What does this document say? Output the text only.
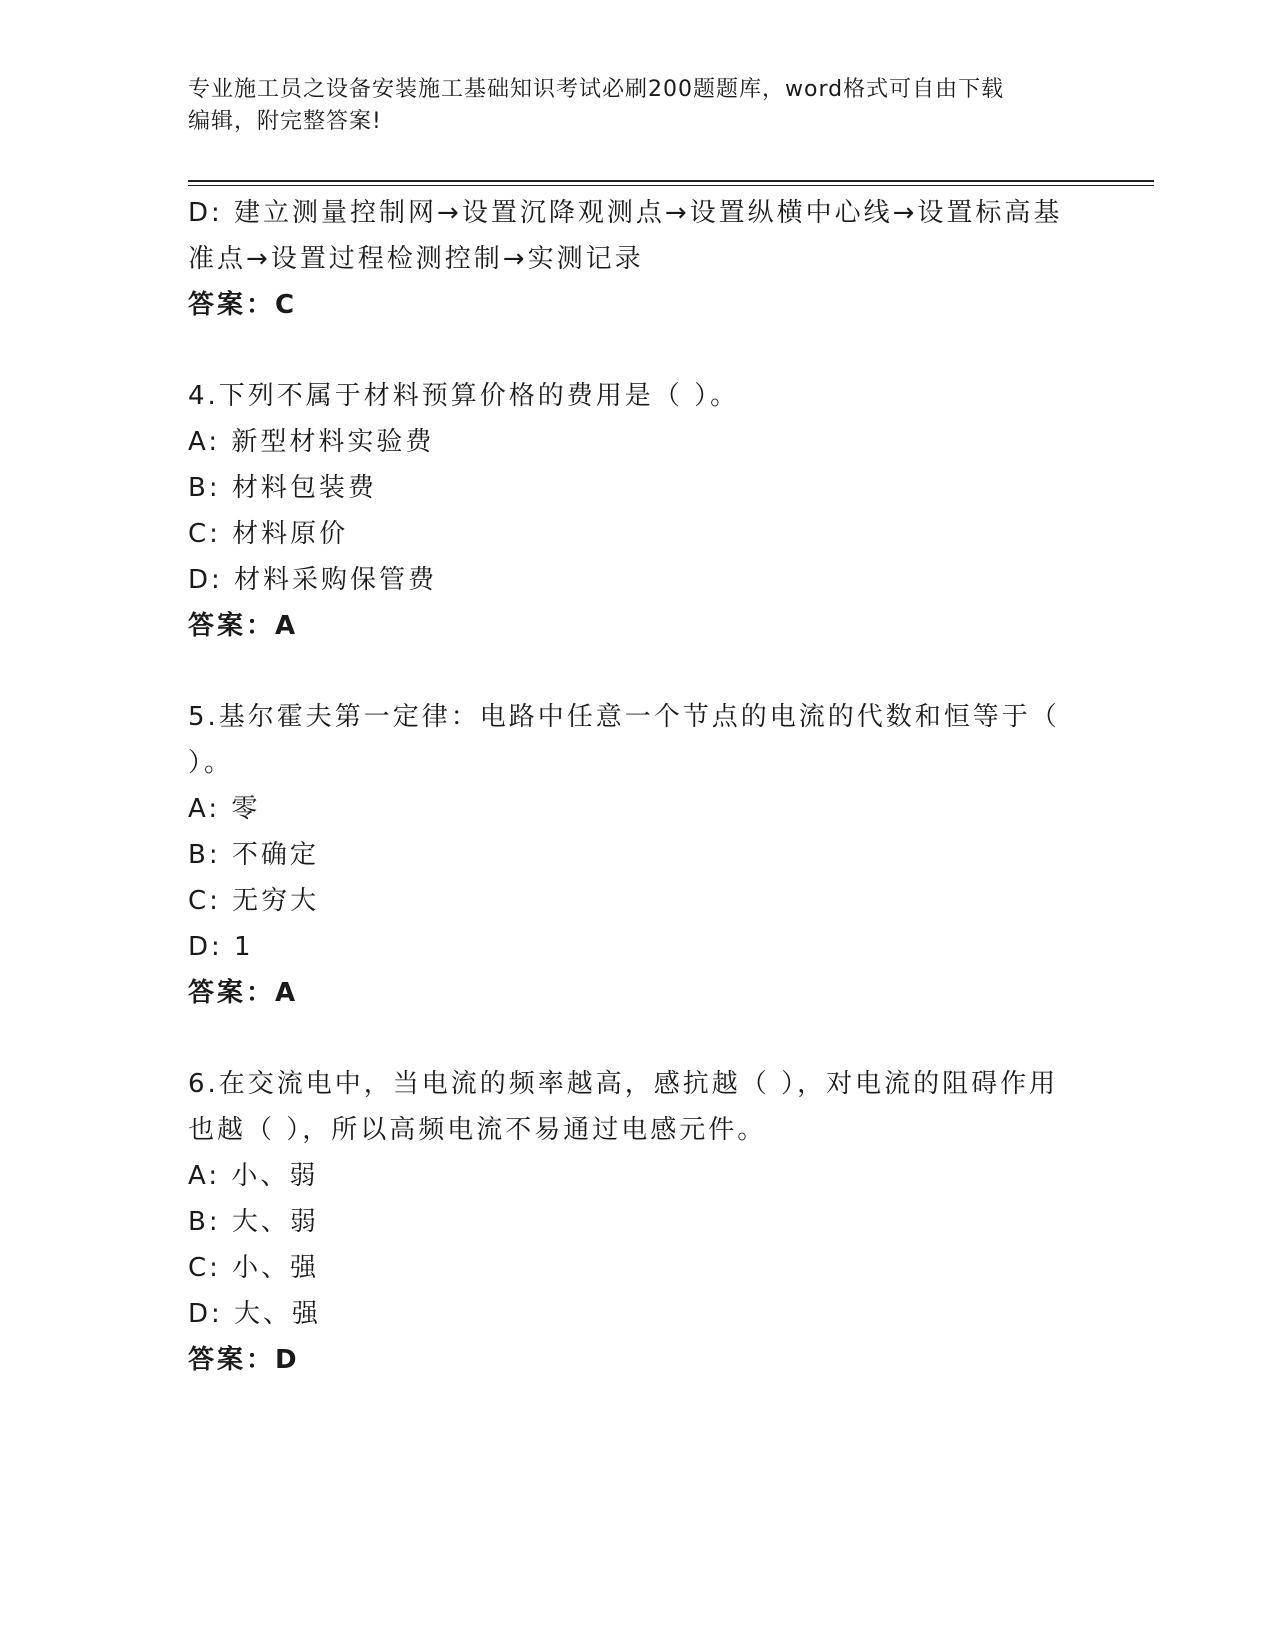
专业施工员之设备安装施工基础知识考试必刷200题题库，word格式可自由下载
编辑，附完整答案!
D: 建立测量控制网→设置沉降观测点→设置纵横中心线→设置标高基
准点→设置过程检测控制→实测记录
答案：C
4.下列不属于材料预算价格的费用是（ ）。
A: 新型材料实验费
B: 材料包装费
C: 材料原价
D: 材料采购保管费
答案：A
5.基尔霍夫第一定律：电路中任意一个节点的电流的代数和恒等于（
）。
A: 零
B: 不确定
C: 无穷大
D: 1
答案：A
6.在交流电中，当电流的频率越高，感抗越（ ），对电流的阻碍作用
也越（ ），所以高频电流不易通过电感元件。
A: 小、弱
B: 大、弱
C: 小、强
D: 大、强
答案：D
